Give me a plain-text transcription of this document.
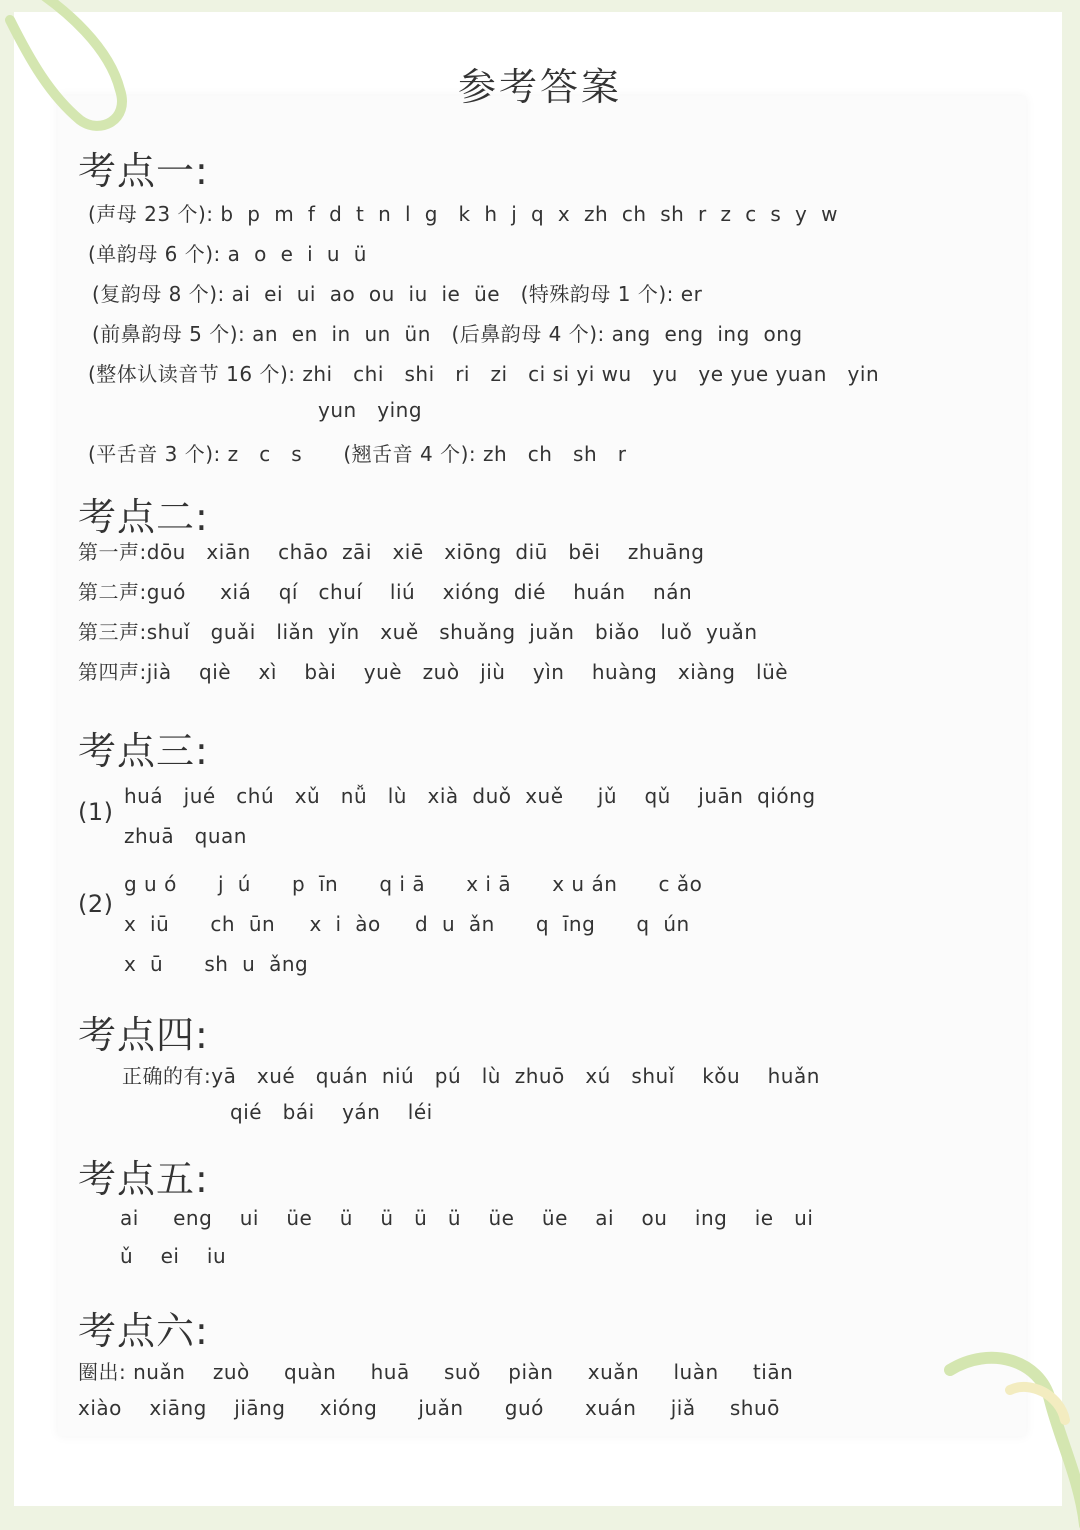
参考答案
考点一:
(声母 23 个): b  p  m  f  d  t  n  l  g   k  h  j  q  x  zh  ch  sh  r  z  c  s  y  w
(单韵母 6 个): a  o  e  i  u  ü
(复韵母 8 个): ai  ei  ui  ao  ou  iu  ie  üe (特殊韵母 1 个): er
(前鼻韵母 5 个): an  en  in  un  ün (后鼻韵母 4 个): ang  eng  ing  ong
(整体认读音节 16 个): zhi   chi   shi   ri   zi   ci si yi wu   yu   ye yue yuan   yin
yun   ying
(平舌音 3 个): z   c   s (翘舌音 4 个): zh   ch   sh   r
考点二:
第一声:dōu   xiān    chāo  zāi   xiē   xiōng  diū   bēi    zhuāng
第二声:guó     xiá    qí   chuí    liú    xióng  dié    huán    nán
第三声:shuǐ   guǎi   liǎn  yǐn   xuě   shuǎng  juǎn   biǎo   luǒ  yuǎn
第四声:jià    qiè    xì    bài    yuè   zuò   jiù    yìn    huàng   xiàng   lüè
考点三:
(1)
huá   jué   chú   xǔ   nǚ   lù   xià  duǒ  xuě     jǔ    qǔ    juān  qióng
zhuā   quan
(2)
g u ó      j  ú      p  īn      q i ā      x i ā      x u án      c ǎo
x  iū      ch  ūn     x  i  ào     d  u  ǎn      q  īng      q  ún
x  ū      sh  u  ǎng
考点四:
正确的有:yā   xué   quán  niú   pú   lù  zhuō   xú   shuǐ    kǒu    huǎn
qié   bái    yán    léi
考点五:
ai     eng    ui    üe    ü    ü   ü   ü    üe    üe    ai    ou    ing    ie   ui
ǔ    ei    iu
考点六:
圈出: nuǎn    zuò     quàn     huā     suǒ    piàn     xuǎn     luàn     tiān
xiào    xiāng    jiāng     xióng      juǎn      guó      xuán     jiǎ     shuō
